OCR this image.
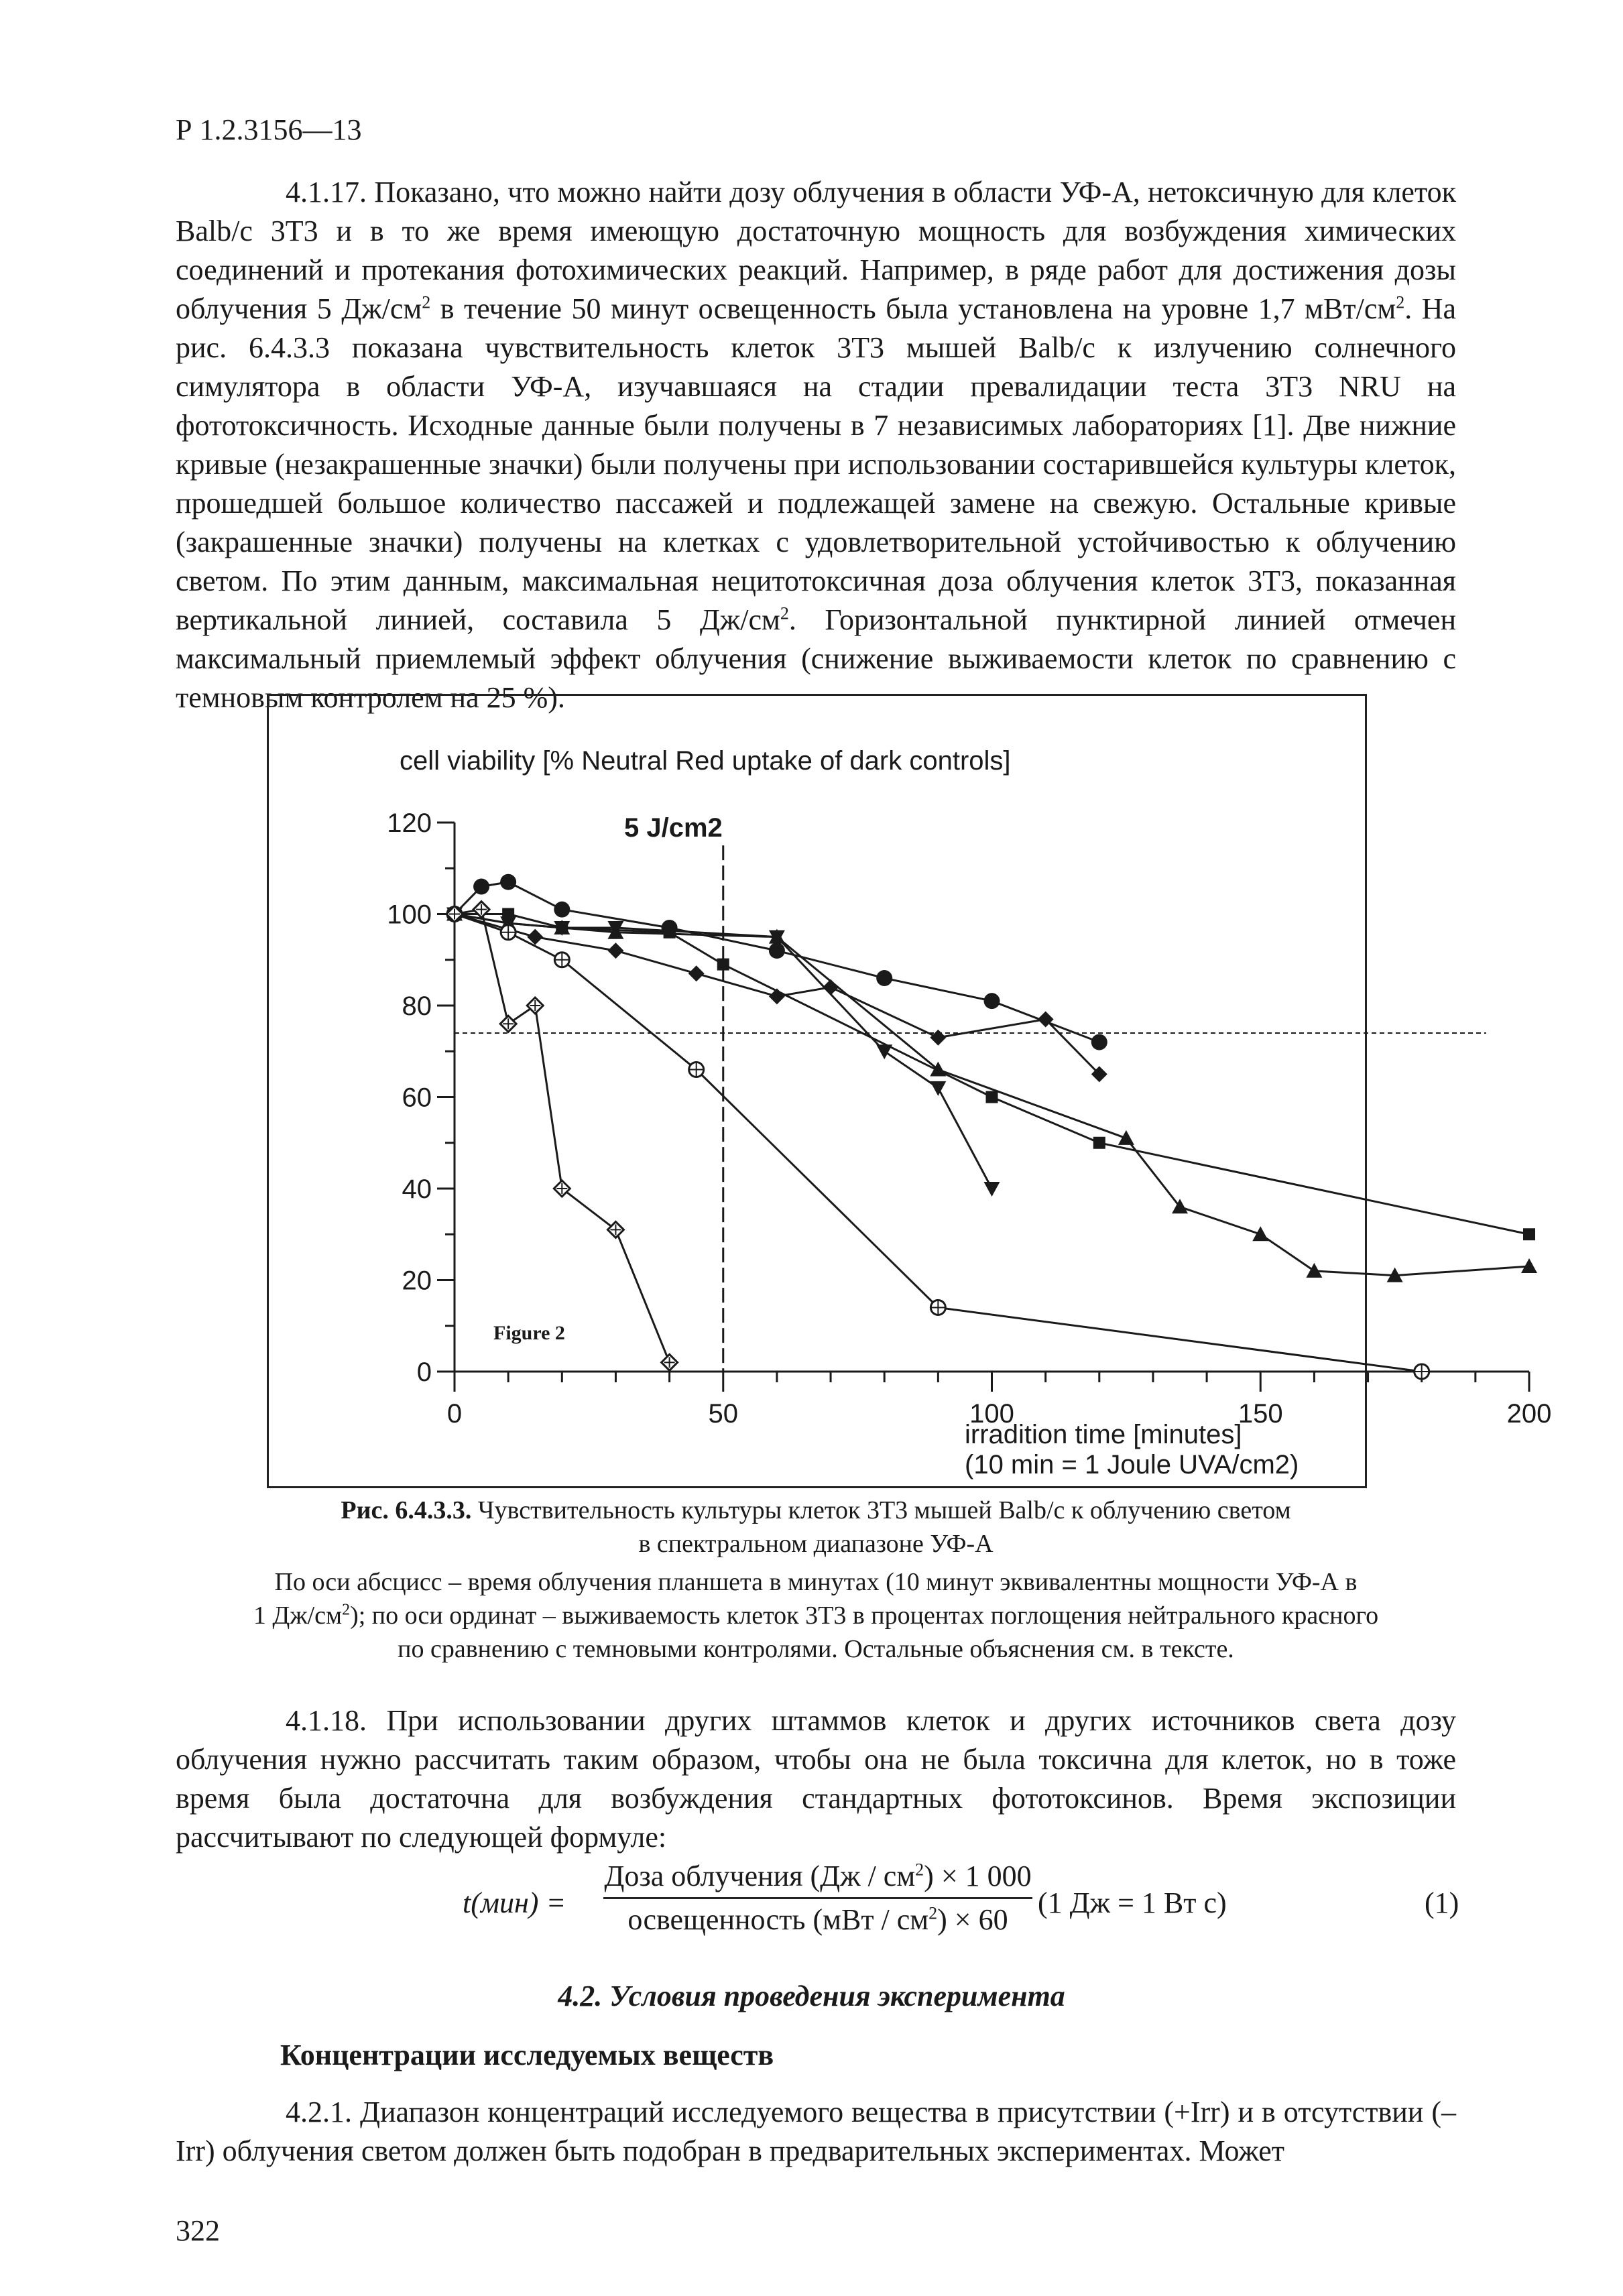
Р 1.2.3156—13

4.1.17. Показано, что можно найти дозу облучения в области УФ-А, нетоксичную для клеток Balb/c 3T3 и в то же время имеющую достаточную мощность для возбуждения химических соединений и протекания фотохимических реакций. Например, в ряде работ для достижения дозы облучения 5 $Дж/см^2$ в течение 50 минут освещенность была установлена на уровне 1,7 мВт/$см^2$. На рис. 6.4.3.3 показана чувствительность клеток 3T3 мышей Balb/c к излучению солнечного симулятора в области УФ-А, изучавшаяся на стадии превалидации теста 3T3 NRU на фототоксичность. Исходные данные были получены в 7 независимых лабораториях [1]. Две нижние кривые (незакрашенные значки) были получены при использовании состарившейся культуры клеток, прошедшей большое количество пассажей и подлежащей замене на свежую. Остальные кривые (закрашенные значки) получены на клетках с удовлетворительной устойчивостью к облучению светом. По этим данным, максимальная нецитотоксичная доза облучения клеток 3T3, показанная вертикальной линией, составила 5 $Дж/см^2$. Горизонтальной пунктирной линией отмечен максимальный приемлемый эффект облучения (снижение выживаемости клеток по сравнению с темновым контролем на 25 %).

120
100
80
60
40
20
0
0	50	100	150	200
cell viability [% Neutral Red uptake of dark controls]
5 J/cm2
Figure 2
irradition time [minutes]
(10 min = 1 Joule UVA/cm2)
Рис. 6.4.3.3. Чувствительность культуры клеток 3T3 мышей Balb/c к облучению светом
в спектральном диапазоне УФ-А
По оси абсцисс – время облучения планшета в минутах (10 минут эквивалентны мощности УФ-А в
1 $Дж/см^2$); по оси ординат – выживаемость клеток 3T3 в процентах поглощения нейтрального красного
по сравнению с темновыми контролями. Остальные объяснения см. в тексте.

4.1.18. При использовании других штаммов клеток и других источников света дозу облучения нужно рассчитать таким образом, чтобы она не была токсична для клеток, но в тоже время была достаточна для возбуждения стандартных фототоксинов. Время экспозиции рассчитывают по следующей формуле:

t(мин) =
Доза облучения $(Дж / см^2) \times 1$ 000
освещенность $(мВт / см^2) \times 60$
(1 Дж = 1 Вт с)	(1)
4.2. Условия проведения эксперимента
Концентрации исследуемых веществ

4.2.1. Диапазон концентраций исследуемого вещества в присутствии (+Irr) и в отсутствии (–Irr) облучения светом должен быть подобран в предварительных экспериментах. Может

322
